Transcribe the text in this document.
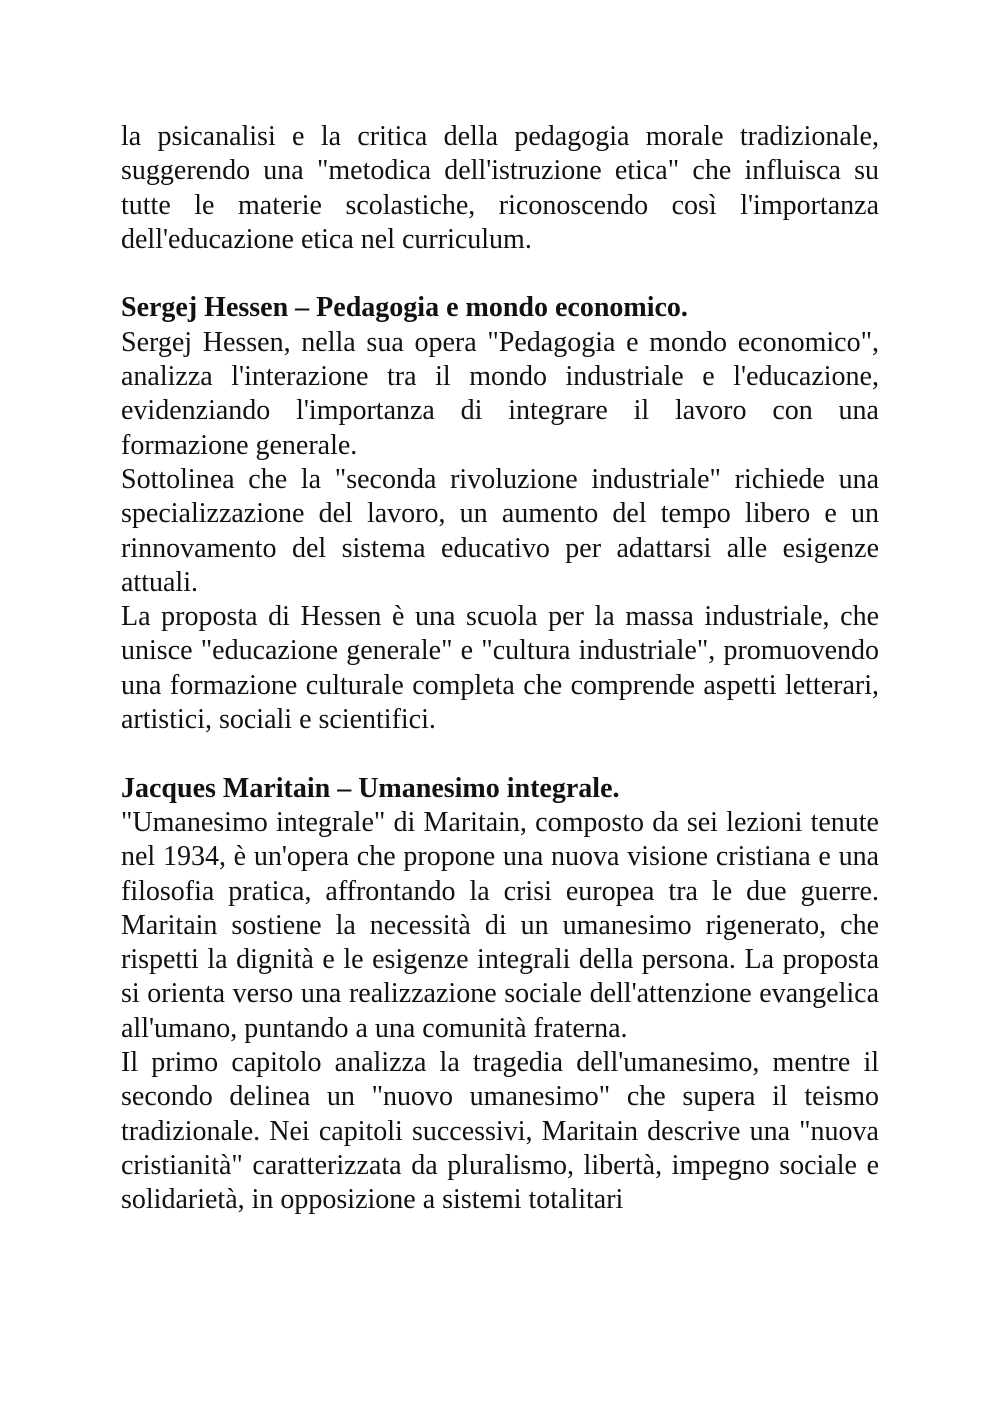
la psicanalisi e la critica della pedagogia morale tradizionale, suggerendo una "metodica dell'istruzione etica" che influisca su tutte le materie scolastiche, riconoscendo così l'importanza dell'educazione etica nel curriculum.

Sergej Hessen – Pedagogia e mondo economico.

Sergej Hessen, nella sua opera "Pedagogia e mondo economico", analizza l'interazione tra il mondo industriale e l'educazione, evidenziando l'importanza di integrare il lavoro con una formazione generale.

Sottolinea che la "seconda rivoluzione industriale" richiede una specializzazione del lavoro, un aumento del tempo libero e un rinnovamento del sistema educativo per adattarsi alle esigenze attuali.

La proposta di Hessen è una scuola per la massa industriale, che unisce "educazione generale" e "cultura industriale", promuovendo una formazione culturale completa che comprende aspetti letterari, artistici, sociali e scientifici.

Jacques Maritain – Umanesimo integrale.

"Umanesimo integrale" di Maritain, composto da sei lezioni tenute nel 1934, è un'opera che propone una nuova visione cristiana e una filosofia pratica, affrontando la crisi europea tra le due guerre. Maritain sostiene la necessità di un umanesimo rigenerato, che rispetti la dignità e le esigenze integrali della persona. La proposta si orienta verso una realizzazione sociale dell'attenzione evangelica all'umano, puntando a una comunità fraterna.

Il primo capitolo analizza la tragedia dell'umanesimo, mentre il secondo delinea un "nuovo umanesimo" che supera il teismo tradizionale. Nei capitoli successivi, Maritain descrive una "nuova cristianità" caratterizzata da pluralismo, libertà, impegno sociale e solidarietà, in opposizione a sistemi totalitari
